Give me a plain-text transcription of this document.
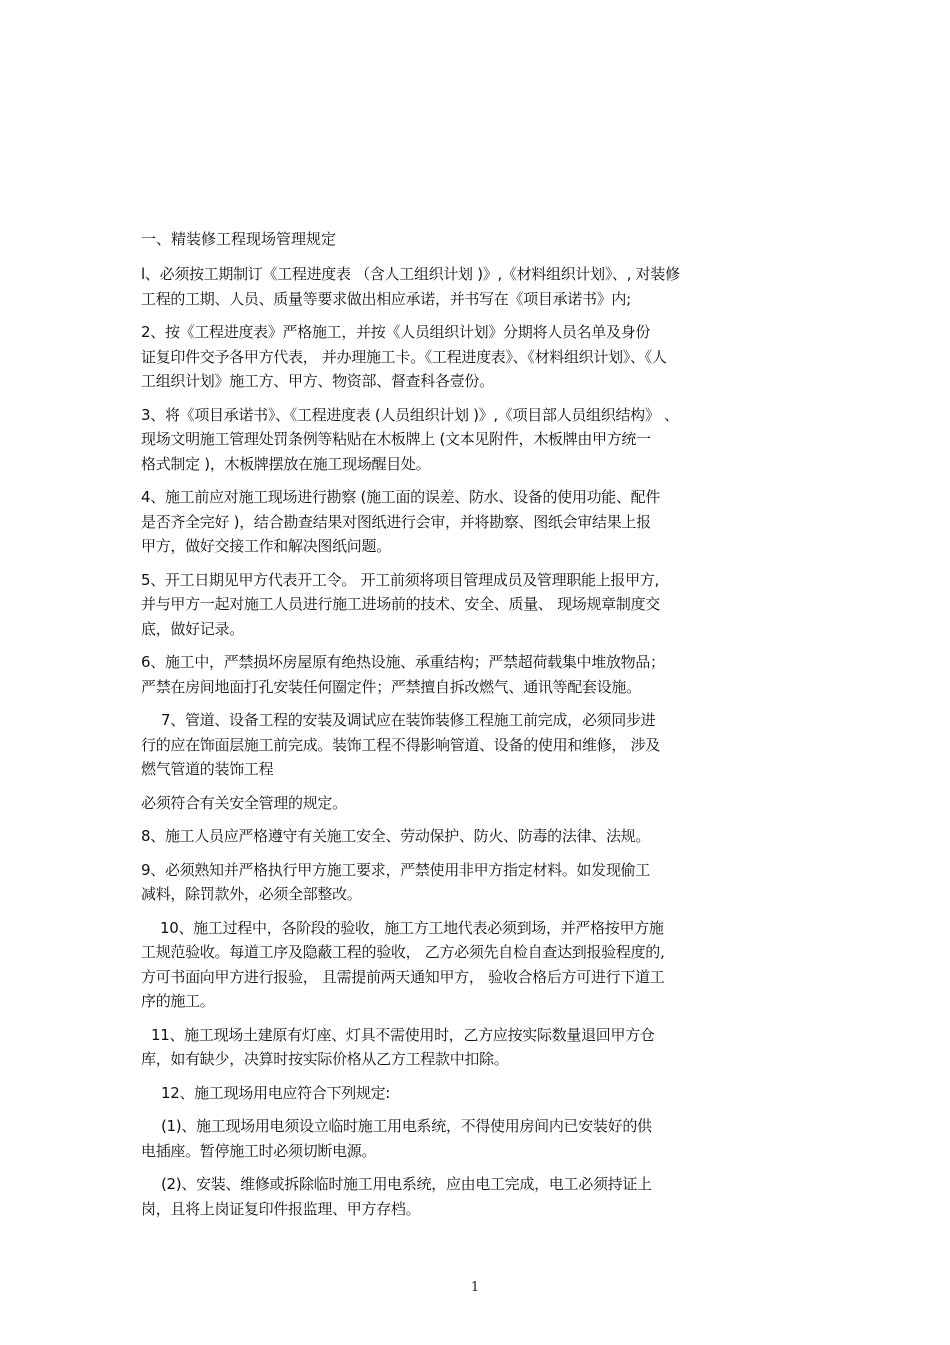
一、精装修工程现场管理规定
l、必须按工期制订《工程进度表 （含人工组织计划 )》,《材料组织计划》、, 对装修
工程的工期、人员、质量等要求做出相应承诺，并书写在《项目承诺书》内;
2、按《工程进度表》严格施工，并按《人员组织计划》分期将人员名单及身份
证复印件交予各甲方代表， 并办理施工卡。《工程进度表》、《材料组织计划》、《人
工组织计划》施工方、甲方、物资部、督查科各壹份。
3、将《项目承诺书》、《工程进度表 (人员组织计划 )》,《项目部人员组织结构》 、
现场文明施工管理处罚条例等粘贴在木板牌上 (文本见附件，木板牌由甲方统一
格式制定 )，木板牌摆放在施工现场醒目处。
4、施工前应对施工现场进行勘察 (施工面的误差、防水、设备的使用功能、配件
是否齐全完好 )，结合勘查结果对图纸进行会审，并将勘察、图纸会审结果上报
甲方，做好交接工作和解决图纸问题。
5、开工日期见甲方代表开工令。 开工前须将项目管理成员及管理职能上报甲方,
并与甲方一起对施工人员进行施工进场前的技术、安全、质量、 现场规章制度交
底，做好记录。
6、施工中，严禁损坏房屋原有绝热设施、承重结构；严禁超荷载集中堆放物品；
严禁在房间地面打孔安装任何圈定件；严禁擅自拆改燃气、通讯等配套设施。
7、管道、设备工程的安装及调试应在装饰装修工程施工前完成，必须同步进
行的应在饰面层施工前完成。装饰工程不得影响管道、设备的使用和维修， 涉及
燃气管道的装饰工程
必须符合有关安全管理的规定。
8、施工人员应严格遵守有关施工安全、劳动保护、防火、防毒的法律、法规。
9、必须熟知并严格执行甲方施工要求，严禁使用非甲方指定材料。如发现偷工
减料，除罚款外，必须全部整改。
10、施工过程中，各阶段的验收，施工方工地代表必须到场，并严格按甲方施
工规范验收。每道工序及隐蔽工程的验收， 乙方必须先自检自查达到报验程度的,
方可书面向甲方进行报验， 且需提前两天通知甲方， 验收合格后方可进行下道工
序的施工。
11、施工现场土建原有灯座、灯具不需使用时，乙方应按实际数量退回甲方仓
库，如有缺少，决算时按实际价格从乙方工程款中扣除。
12、施工现场用电应符合下列规定:
(1)、施工现场用电须设立临时施工用电系统，不得使用房间内已安装好的供
电插座。暂停施工时必须切断电源。
(2)、安装、维修或拆除临时施工用电系统，应由电工完成，电工必须持证上
岗，且将上岗证复印件报监理、甲方存档。
1
